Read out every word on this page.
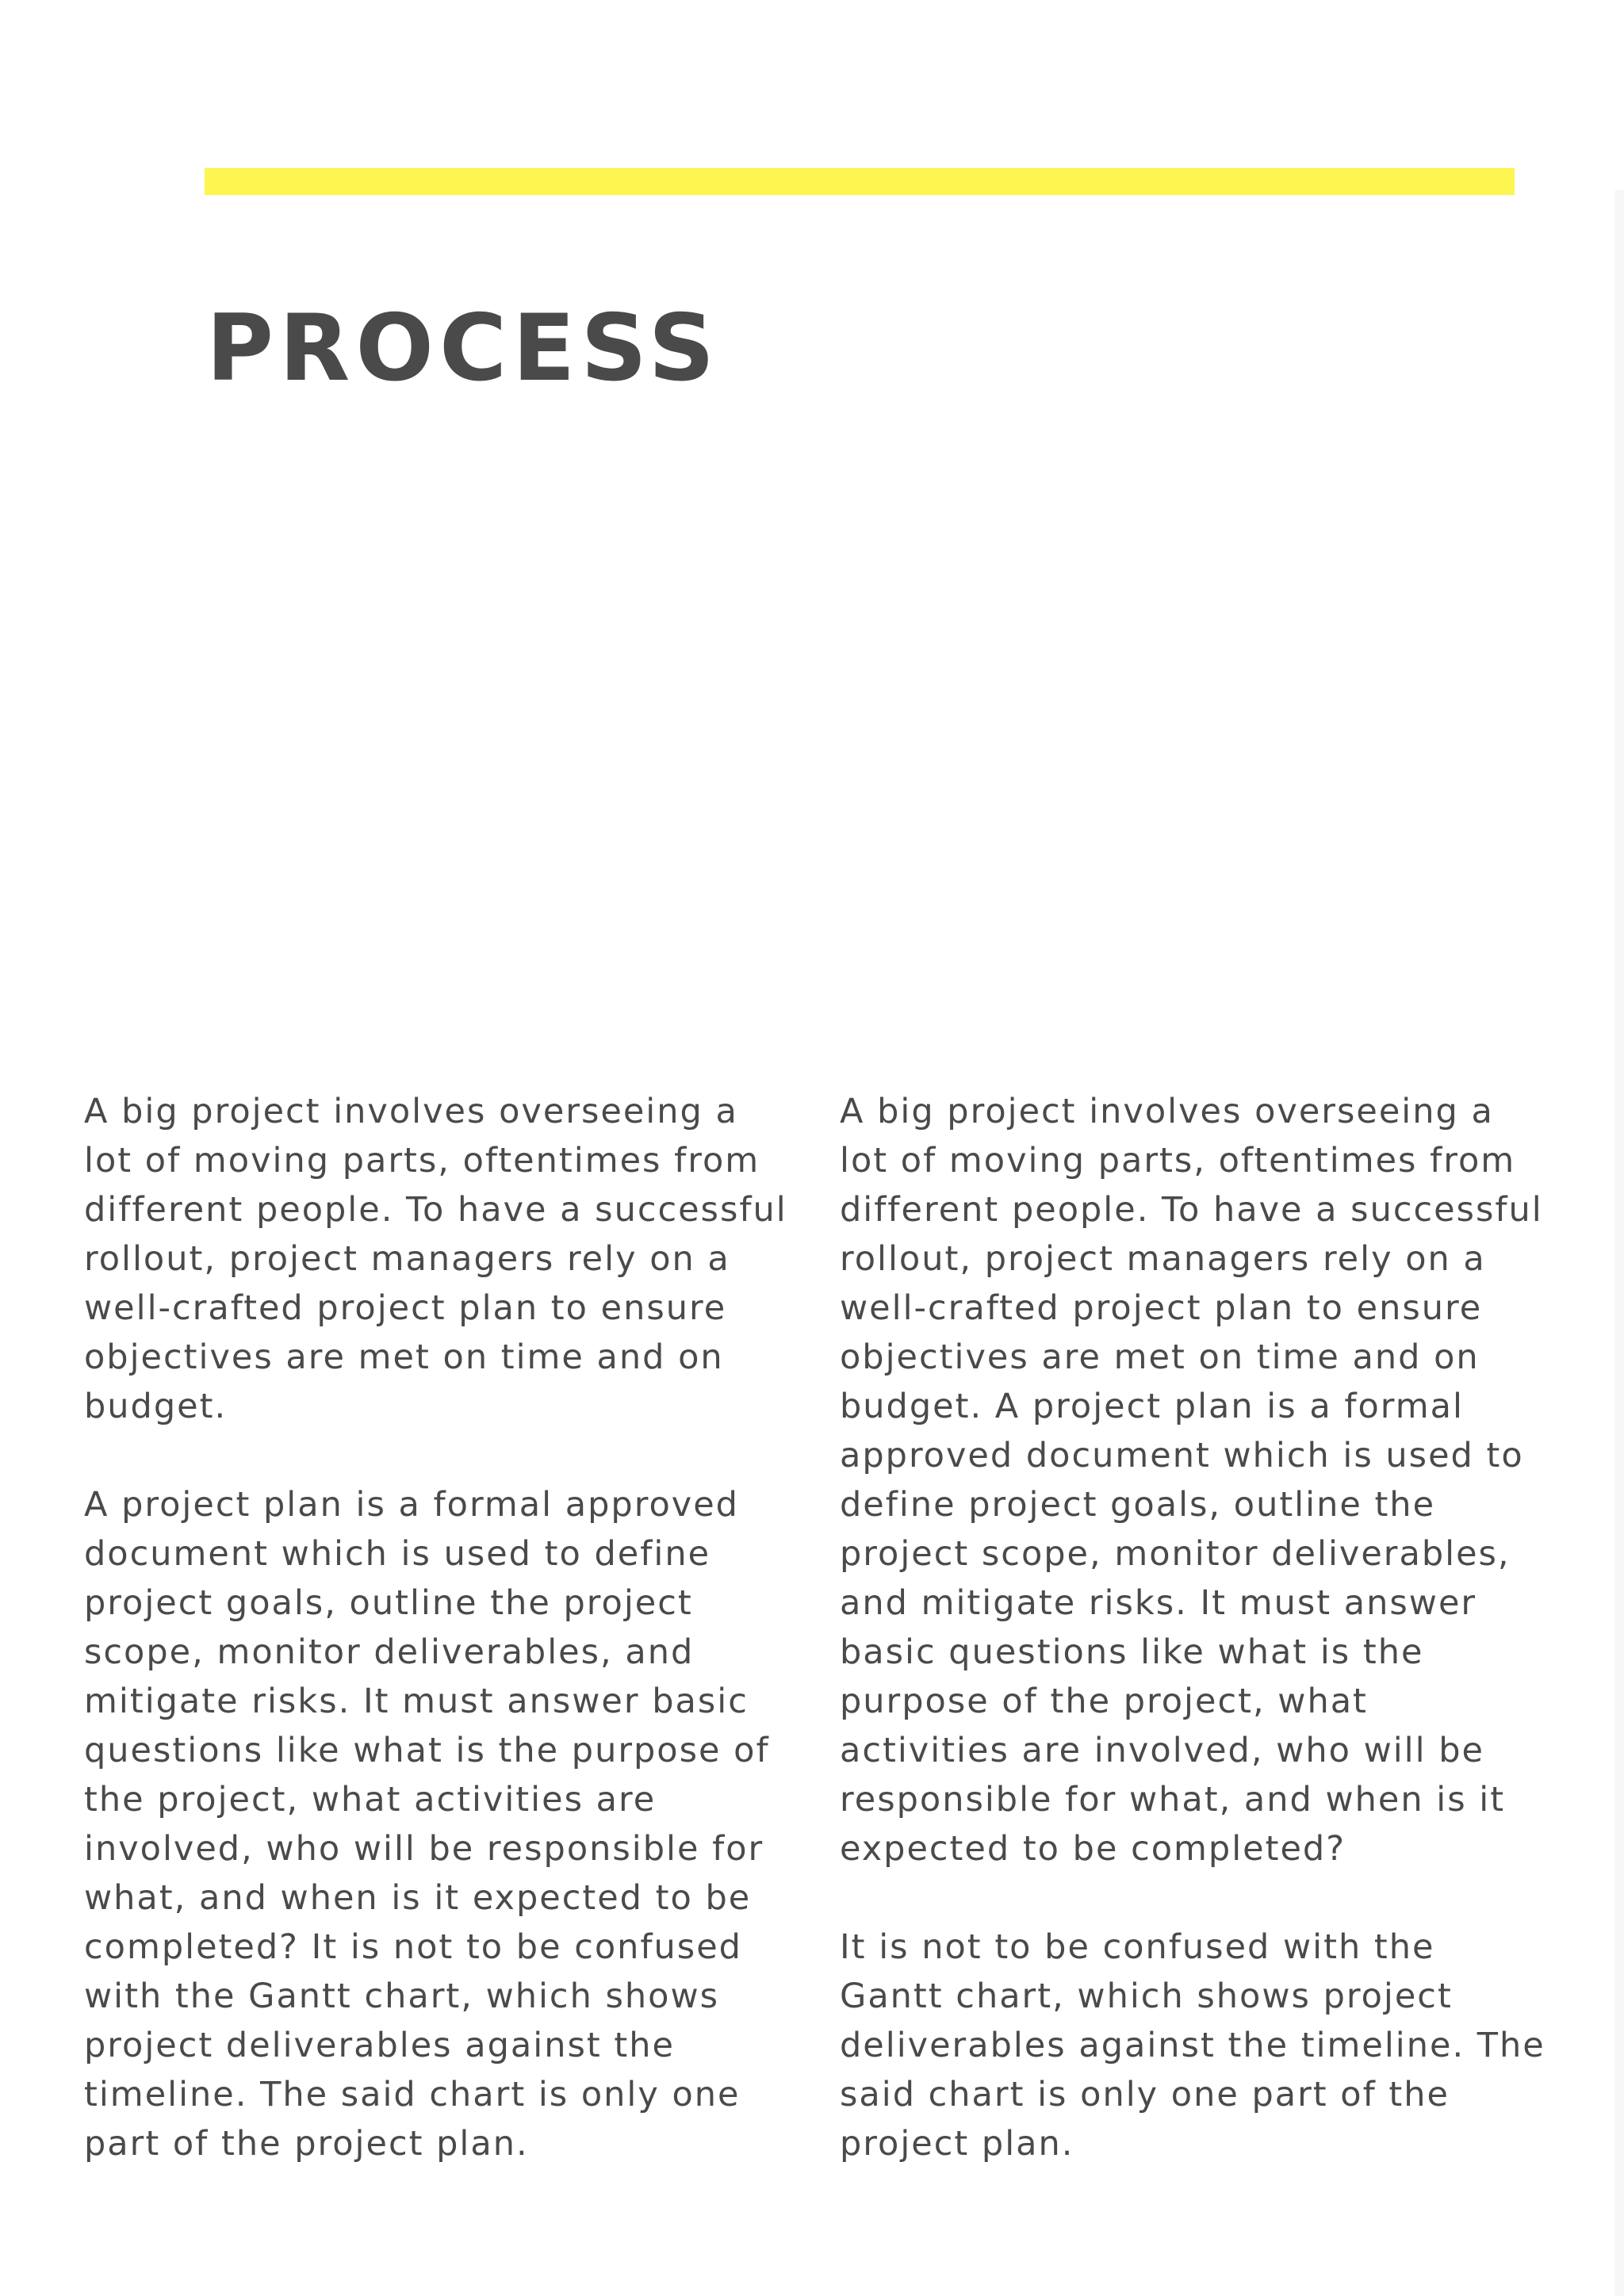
PROCESS

A big project involves overseeing a
lot of moving parts, oftentimes from
different people. To have a successful
rollout, project managers rely on a
well-crafted project plan to ensure
objectives are met on time and on
budget.

A project plan is a formal approved
document which is used to define
project goals, outline the project
scope, monitor deliverables, and
mitigate risks. It must answer basic
questions like what is the purpose of
the project, what activities are
involved, who will be responsible for
what, and when is it expected to be
completed? It is not to be confused
with the Gantt chart, which shows
project deliverables against the
timeline. The said chart is only one
part of the project plan.

A big project involves overseeing a
lot of moving parts, oftentimes from
different people. To have a successful
rollout, project managers rely on a
well-crafted project plan to ensure
objectives are met on time and on
budget. A project plan is a formal
approved document which is used to
define project goals, outline the
project scope, monitor deliverables,
and mitigate risks. It must answer
basic questions like what is the
purpose of the project, what
activities are involved, who will be
responsible for what, and when is it
expected to be completed?

It is not to be confused with the
Gantt chart, which shows project
deliverables against the timeline. The
said chart is only one part of the
project plan.
